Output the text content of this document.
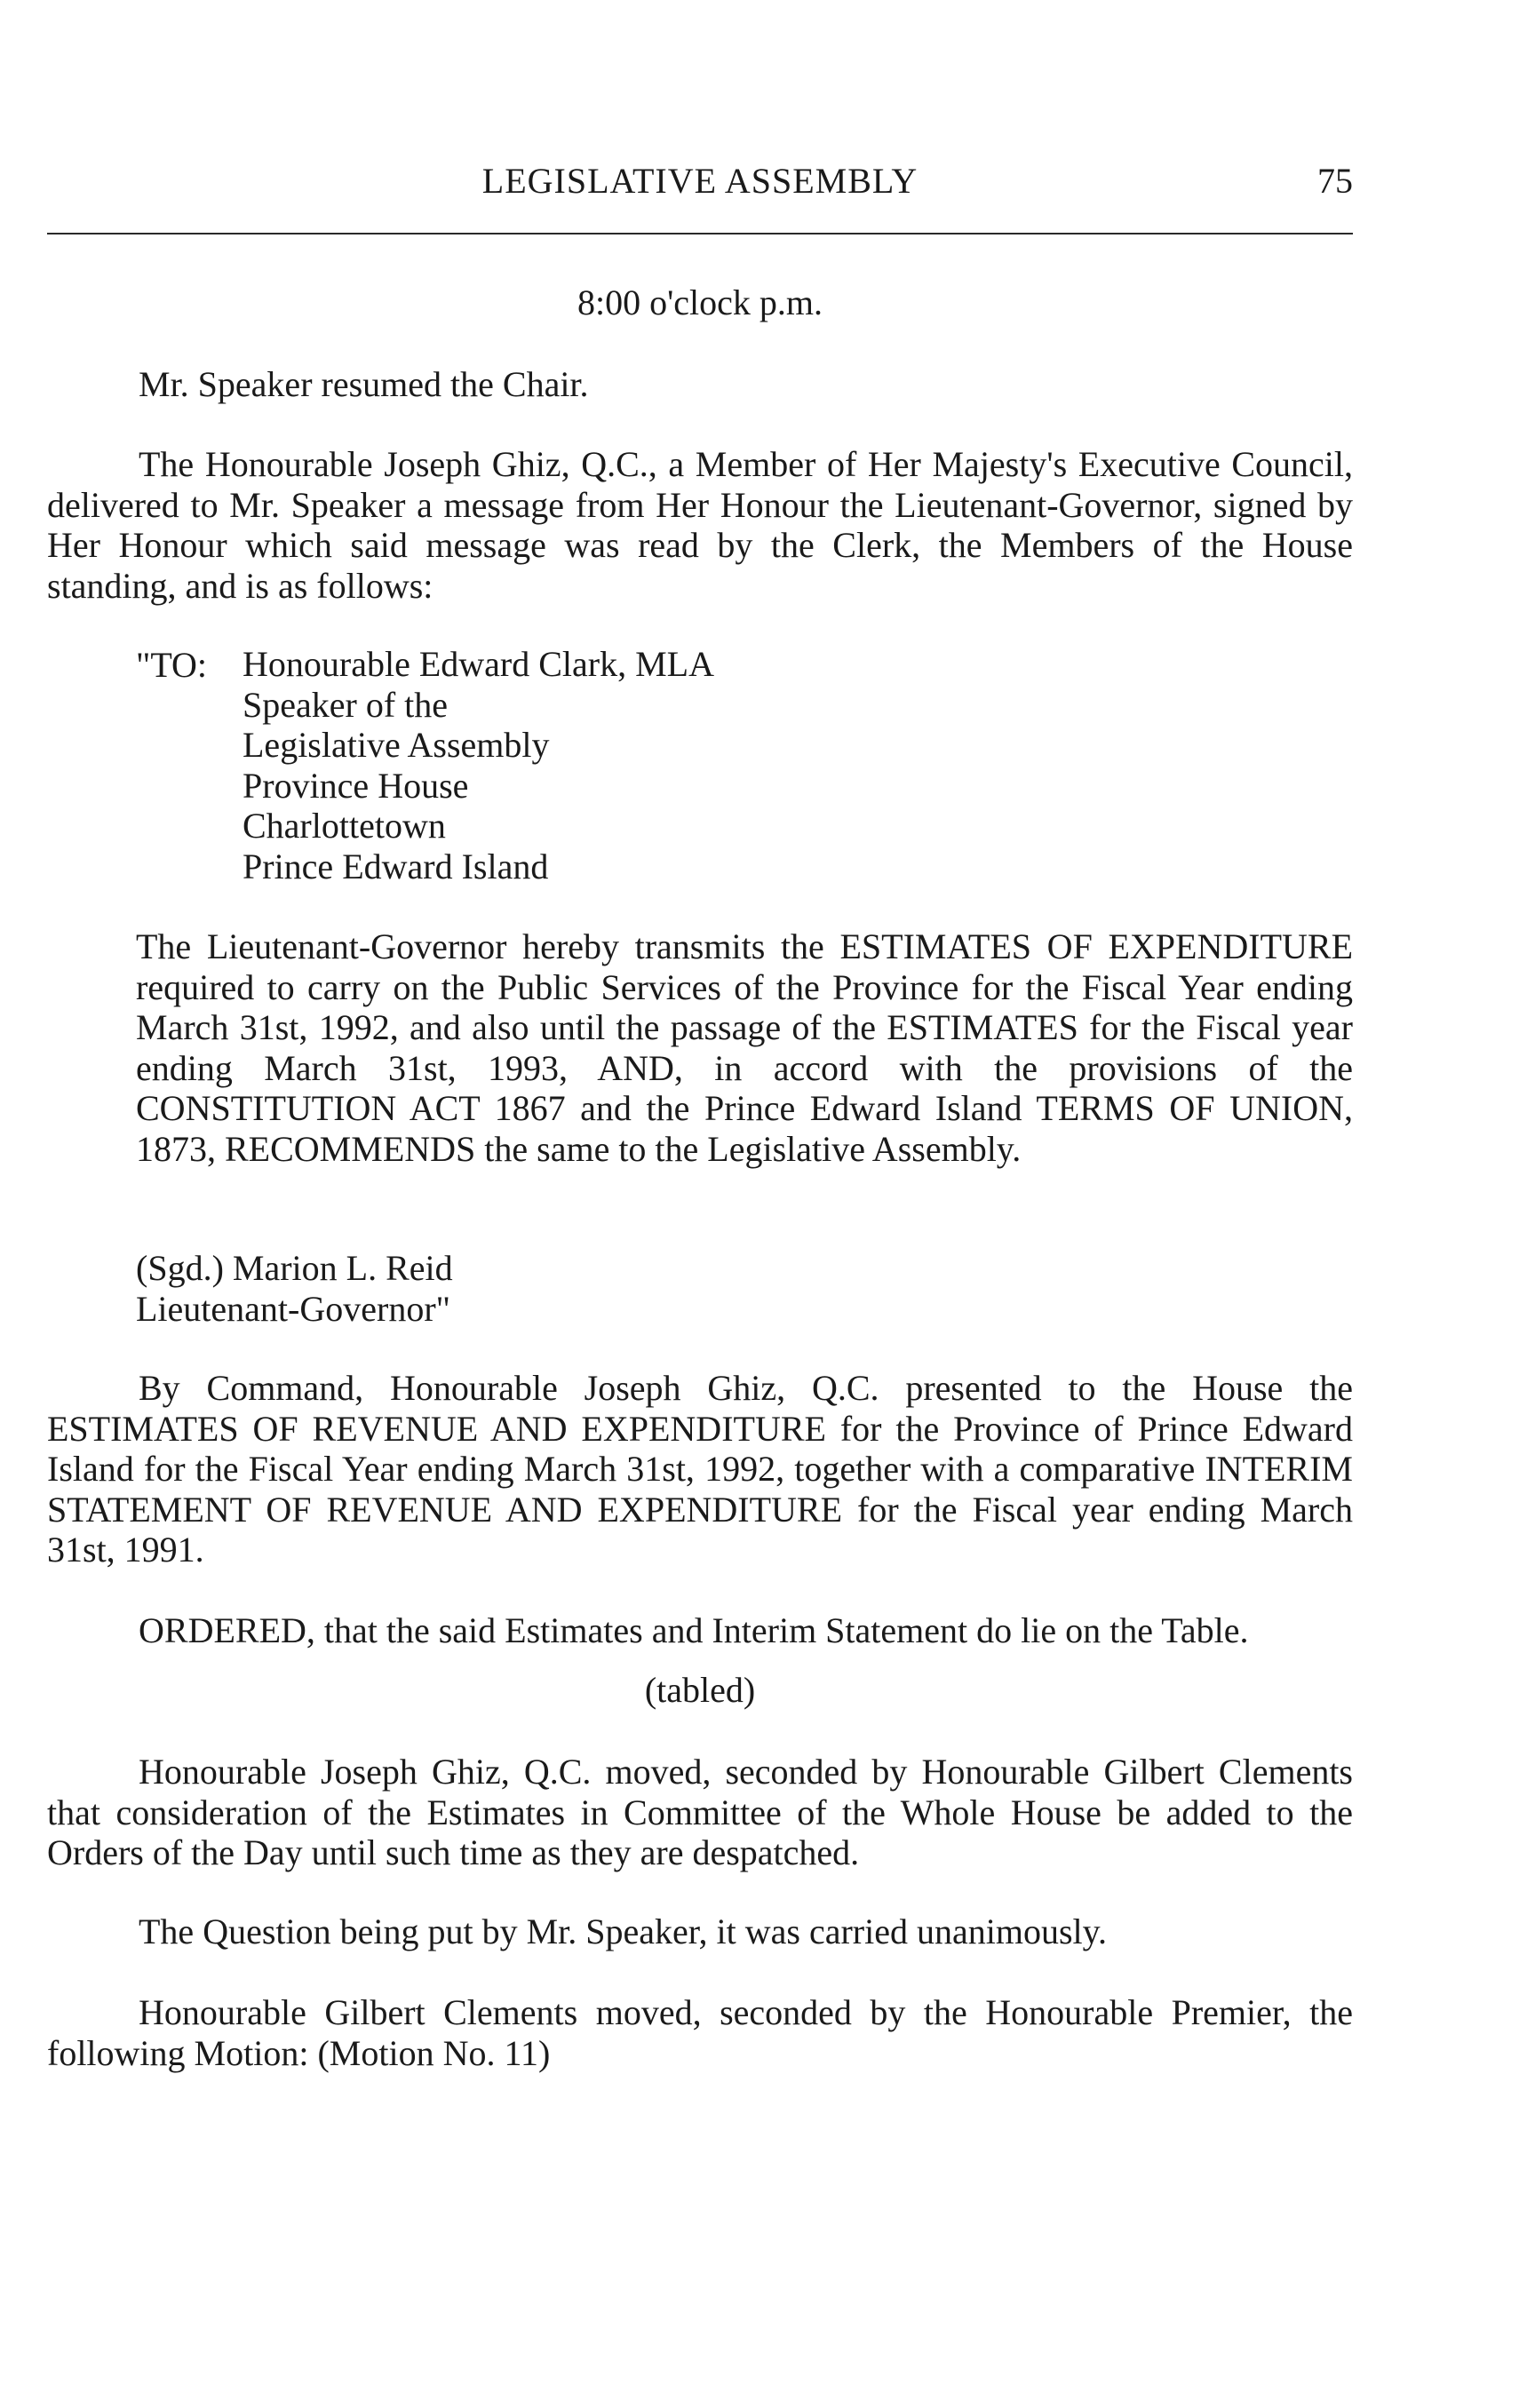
LEGISLATIVE ASSEMBLY	75
8:00 o'clock p.m.
Mr. Speaker resumed the Chair.
The Honourable Joseph Ghiz, Q.C., a Member of Her Majesty's Executive Council, delivered to Mr. Speaker a message from Her Honour the Lieutenant-Governor, signed by Her Honour which said message was read by the Clerk, the Members of the House standing, and is as follows:
"TO: Honourable Edward Clark, MLA
Speaker of the
Legislative Assembly
Province House
Charlottetown
Prince Edward Island
The Lieutenant-Governor hereby transmits the ESTIMATES OF EXPENDITURE required to carry on the Public Services of the Province for the Fiscal Year ending March 31st, 1992, and also until the passage of the ESTIMATES for the Fiscal year ending March 31st, 1993, AND, in accord with the provisions of the CONSTITUTION ACT 1867 and the Prince Edward Island TERMS OF UNION, 1873, RECOMMENDS the same to the Legislative Assembly.
(Sgd.) Marion L. Reid
Lieutenant-Governor"
By Command, Honourable Joseph Ghiz, Q.C. presented to the House the ESTIMATES OF REVENUE AND EXPENDITURE for the Province of Prince Edward Island for the Fiscal Year ending March 31st, 1992, together with a comparative INTERIM STATEMENT OF REVENUE AND EXPENDITURE for the Fiscal year ending March 31st, 1991.
ORDERED, that the said Estimates and Interim Statement do lie on the Table.
(tabled)
Honourable Joseph Ghiz, Q.C. moved, seconded by Honourable Gilbert Clements that consideration of the Estimates in Committee of the Whole House be added to the Orders of the Day until such time as they are despatched.
The Question being put by Mr. Speaker, it was carried unanimously.
Honourable Gilbert Clements moved, seconded by the Honourable Premier, the following Motion: (Motion No. 11)
